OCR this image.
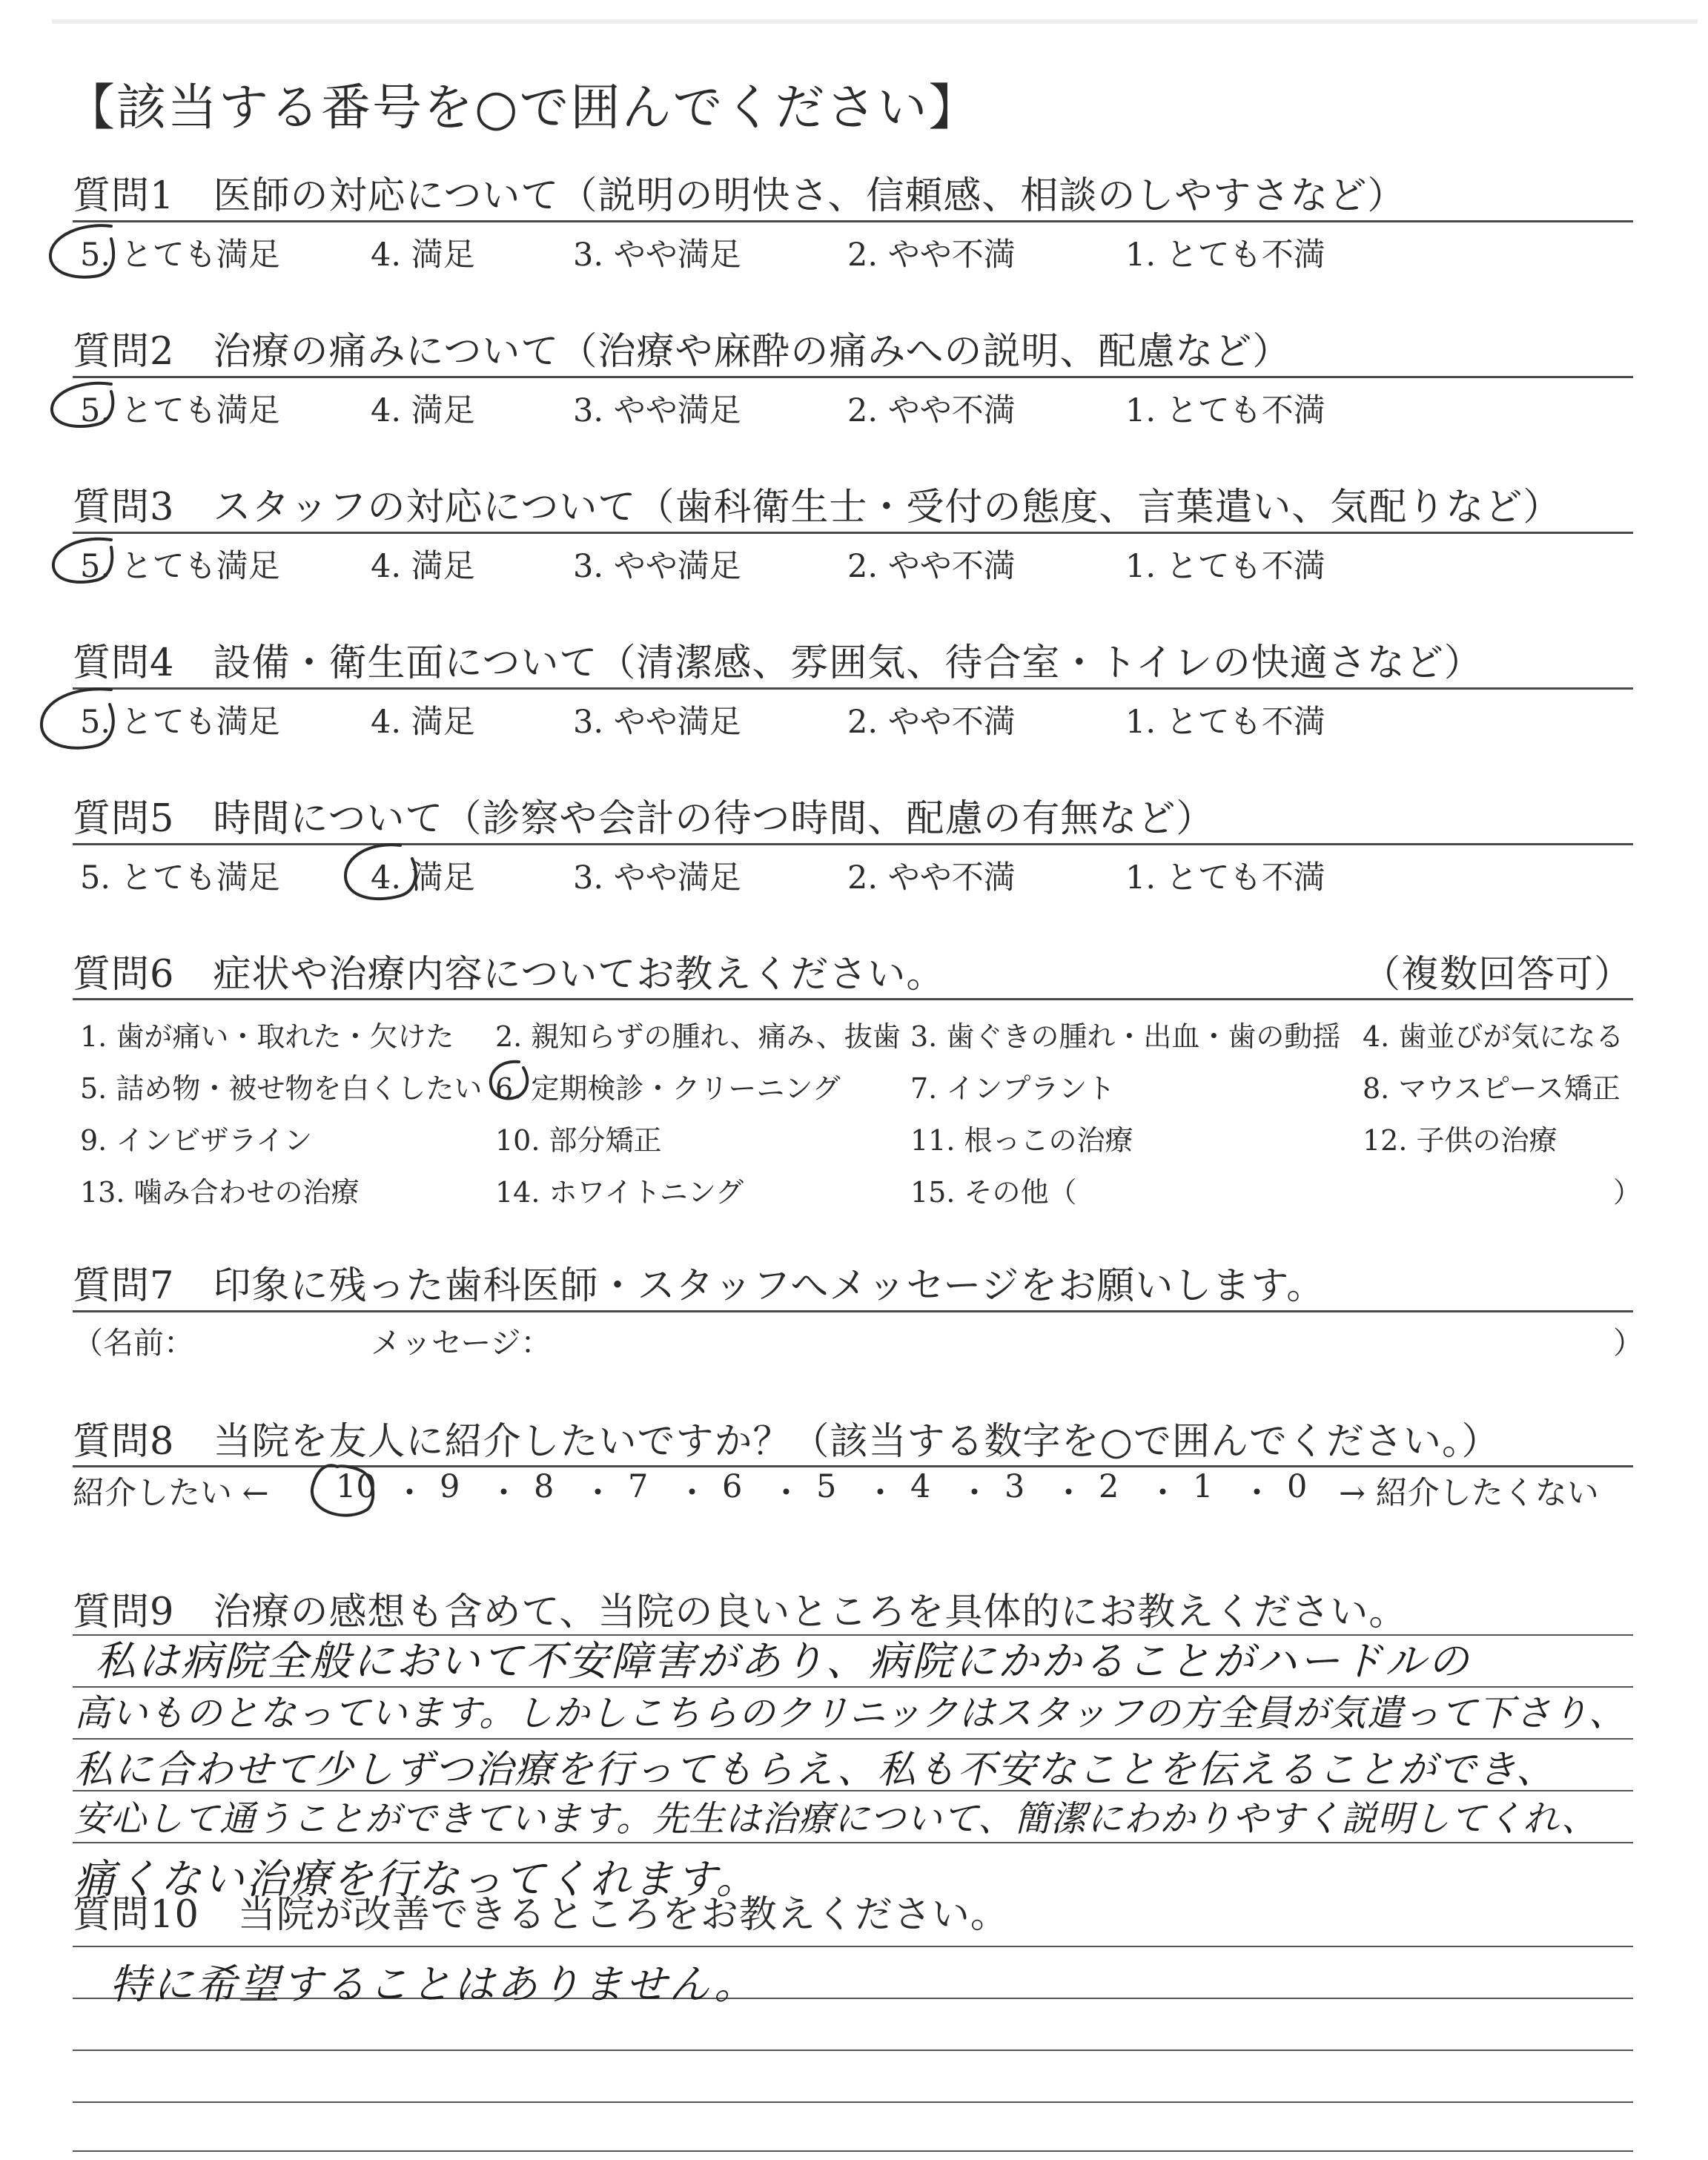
【該当する番号を○で囲んでください】
質問1　医師の対応について（説明の明快さ、信頼感、相談のしやすさなど）
5. とても満足	4. 満足	3. やや満足	2. やや不満	1. とても不満
質問2　治療の痛みについて（治療や麻酔の痛みへの説明、配慮など）
5. とても満足	4. 満足	3. やや満足	2. やや不満	1. とても不満
質問3　スタッフの対応について（歯科衛生士・受付の態度、言葉遣い、気配りなど）
5. とても満足	4. 満足	3. やや満足	2. やや不満	1. とても不満
質問4　設備・衛生面について（清潔感、雰囲気、待合室・トイレの快適さなど）
5. とても満足	4. 満足	3. やや満足	2. やや不満	1. とても不満
質問5　時間について（診察や会計の待つ時間、配慮の有無など）
5. とても満足	4. 満足	3. やや満足	2. やや不満	1. とても不満
質問6　症状や治療内容についてお教えください。	（複数回答可）
1. 歯が痛い・取れた・欠けた 2. 親知らずの腫れ、痛み、抜歯 3. 歯ぐきの腫れ・出血・歯の動揺 4. 歯並びが気になる
5. 詰め物・被せ物を白くしたい 6. 定期検診・クリーニング 7. インプラント	8. マウスピース矯正
9. インビザライン	10. 部分矯正	11. 根っこの治療	12. 子供の治療
13. 噛み合わせの治療	14. ホワイトニング	15. その他（	）
質問7　印象に残った歯科医師・スタッフへメッセージをお願いします。
（名前：	メッセージ：	）
質問8　当院を友人に紹介したいですか？（該当する数字を○で囲んでください。）
紹介したい ← 10 ・ 9 ・ 8 ・ 7 ・ 6 ・ 5 ・ 4 ・ 3 ・ 2 ・ 1 ・ 0 → 紹介したくない
質問9　治療の感想も含めて、当院の良いところを具体的にお教えください。
私は病院全般において不安障害があり、病院にかかることがハードルの
高いものとなっています。しかしこちらのクリニックはスタッフの方全員が気遣って下さり、
私に合わせて少しずつ治療を行ってもらえ、私も不安なことを伝えることができ、
安心して通うことができています。先生は治療について、簡潔にわかりやすく説明してくれ、
痛くない治療を行なってくれます。
質問10　当院が改善できるところをお教えください。
特に希望することはありません。
